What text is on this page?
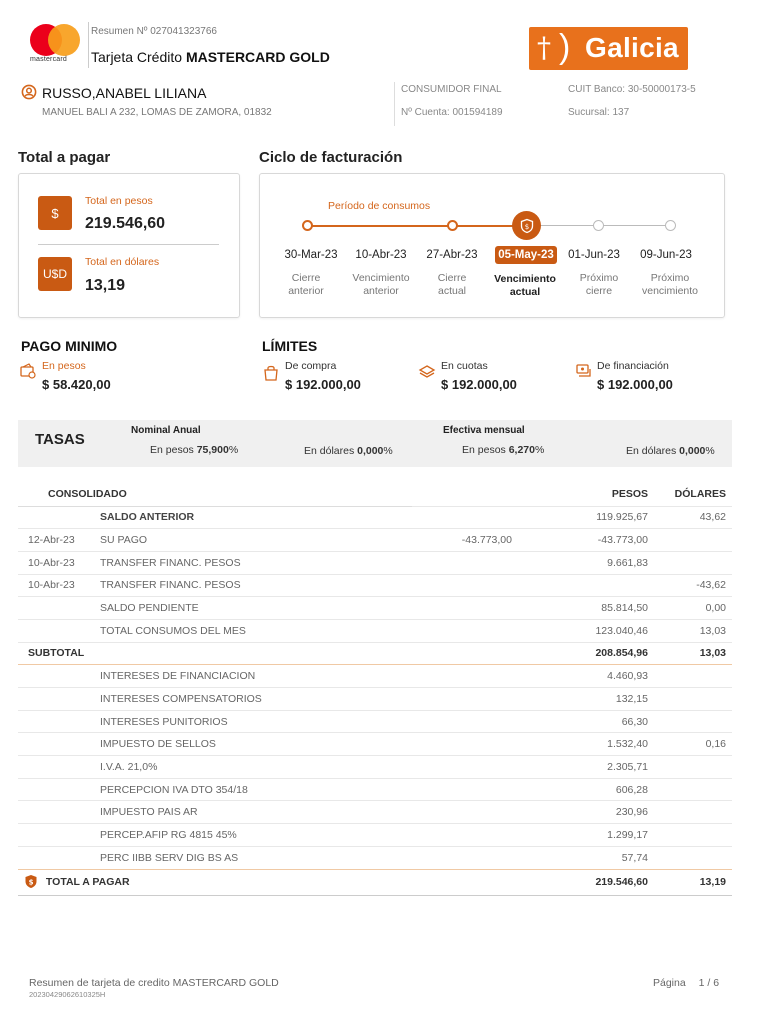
mastercard
Resumen Nº 027041323766
Tarjeta Crédito MASTERCARD GOLD	† ) Galicia
RUSSO,ANABEL LILIANA
MANUEL BALI A 232, LOMAS DE ZAMORA, 01832
CONSUMIDOR FINAL
Nº Cuenta: 001594189
CUIT Banco: 30-50000173-5
Sucursal: 137
Total a pagar
$
Total en pesos
219.546,60
U$D
Total en dólares
13,19
Ciclo de facturación
Período de consumos
$
30-Mar-23	10-Abr-23	27-Abr-23	05-May-23	01-Jun-23	09-Jun-23
Cierre
anterior
Vencimiento
anterior
Cierre
actual
Vencimiento
actual
Próximo
cierre
Próximo
vencimiento
PAGO MINIMO
En pesos
$ 58.420,00
LÍMITES
De compra
$ 192.000,00
En cuotas
$ 192.000,00
De financiación
$ 192.000,00
TASAS
Nominal Anual
En pesos 75,900%	En dólares 0,000%
Efectiva mensual
En pesos 6,270%	En dólares 0,000%
CONSOLIDADO			PESOS	DÓLARES
	SALDO ANTERIOR		119.925,67	43,62
12-Abr-23	SU PAGO	-43.773,00	-43.773,00	
10-Abr-23	TRANSFER FINANC. PESOS		9.661,83	
10-Abr-23	TRANSFER FINANC. PESOS			-43,62
	SALDO PENDIENTE		85.814,50	0,00
	TOTAL CONSUMOS DEL MES		123.040,46	13,03
SUBTOTAL			208.854,96	13,03
	INTERESES DE FINANCIACION		4.460,93	
	INTERESES COMPENSATORIOS		132,15	
	INTERESES PUNITORIOS		66,30	
	IMPUESTO DE SELLOS		1.532,40	0,16
	I.V.A. 21,0%		2.305,71	
	PERCEPCION IVA DTO 354/18		606,28	
	IMPUESTO PAIS AR		230,96	
	PERCEP.AFIP RG 4815 45%		1.299,17	
	PERC IIBB SERV DIG BS AS		57,74	

$ TOTAL A PAGAR			219.546,60	13,19
Resumen de tarjeta de credito MASTERCARD GOLD
20230429062610325H
Página 1 / 6
